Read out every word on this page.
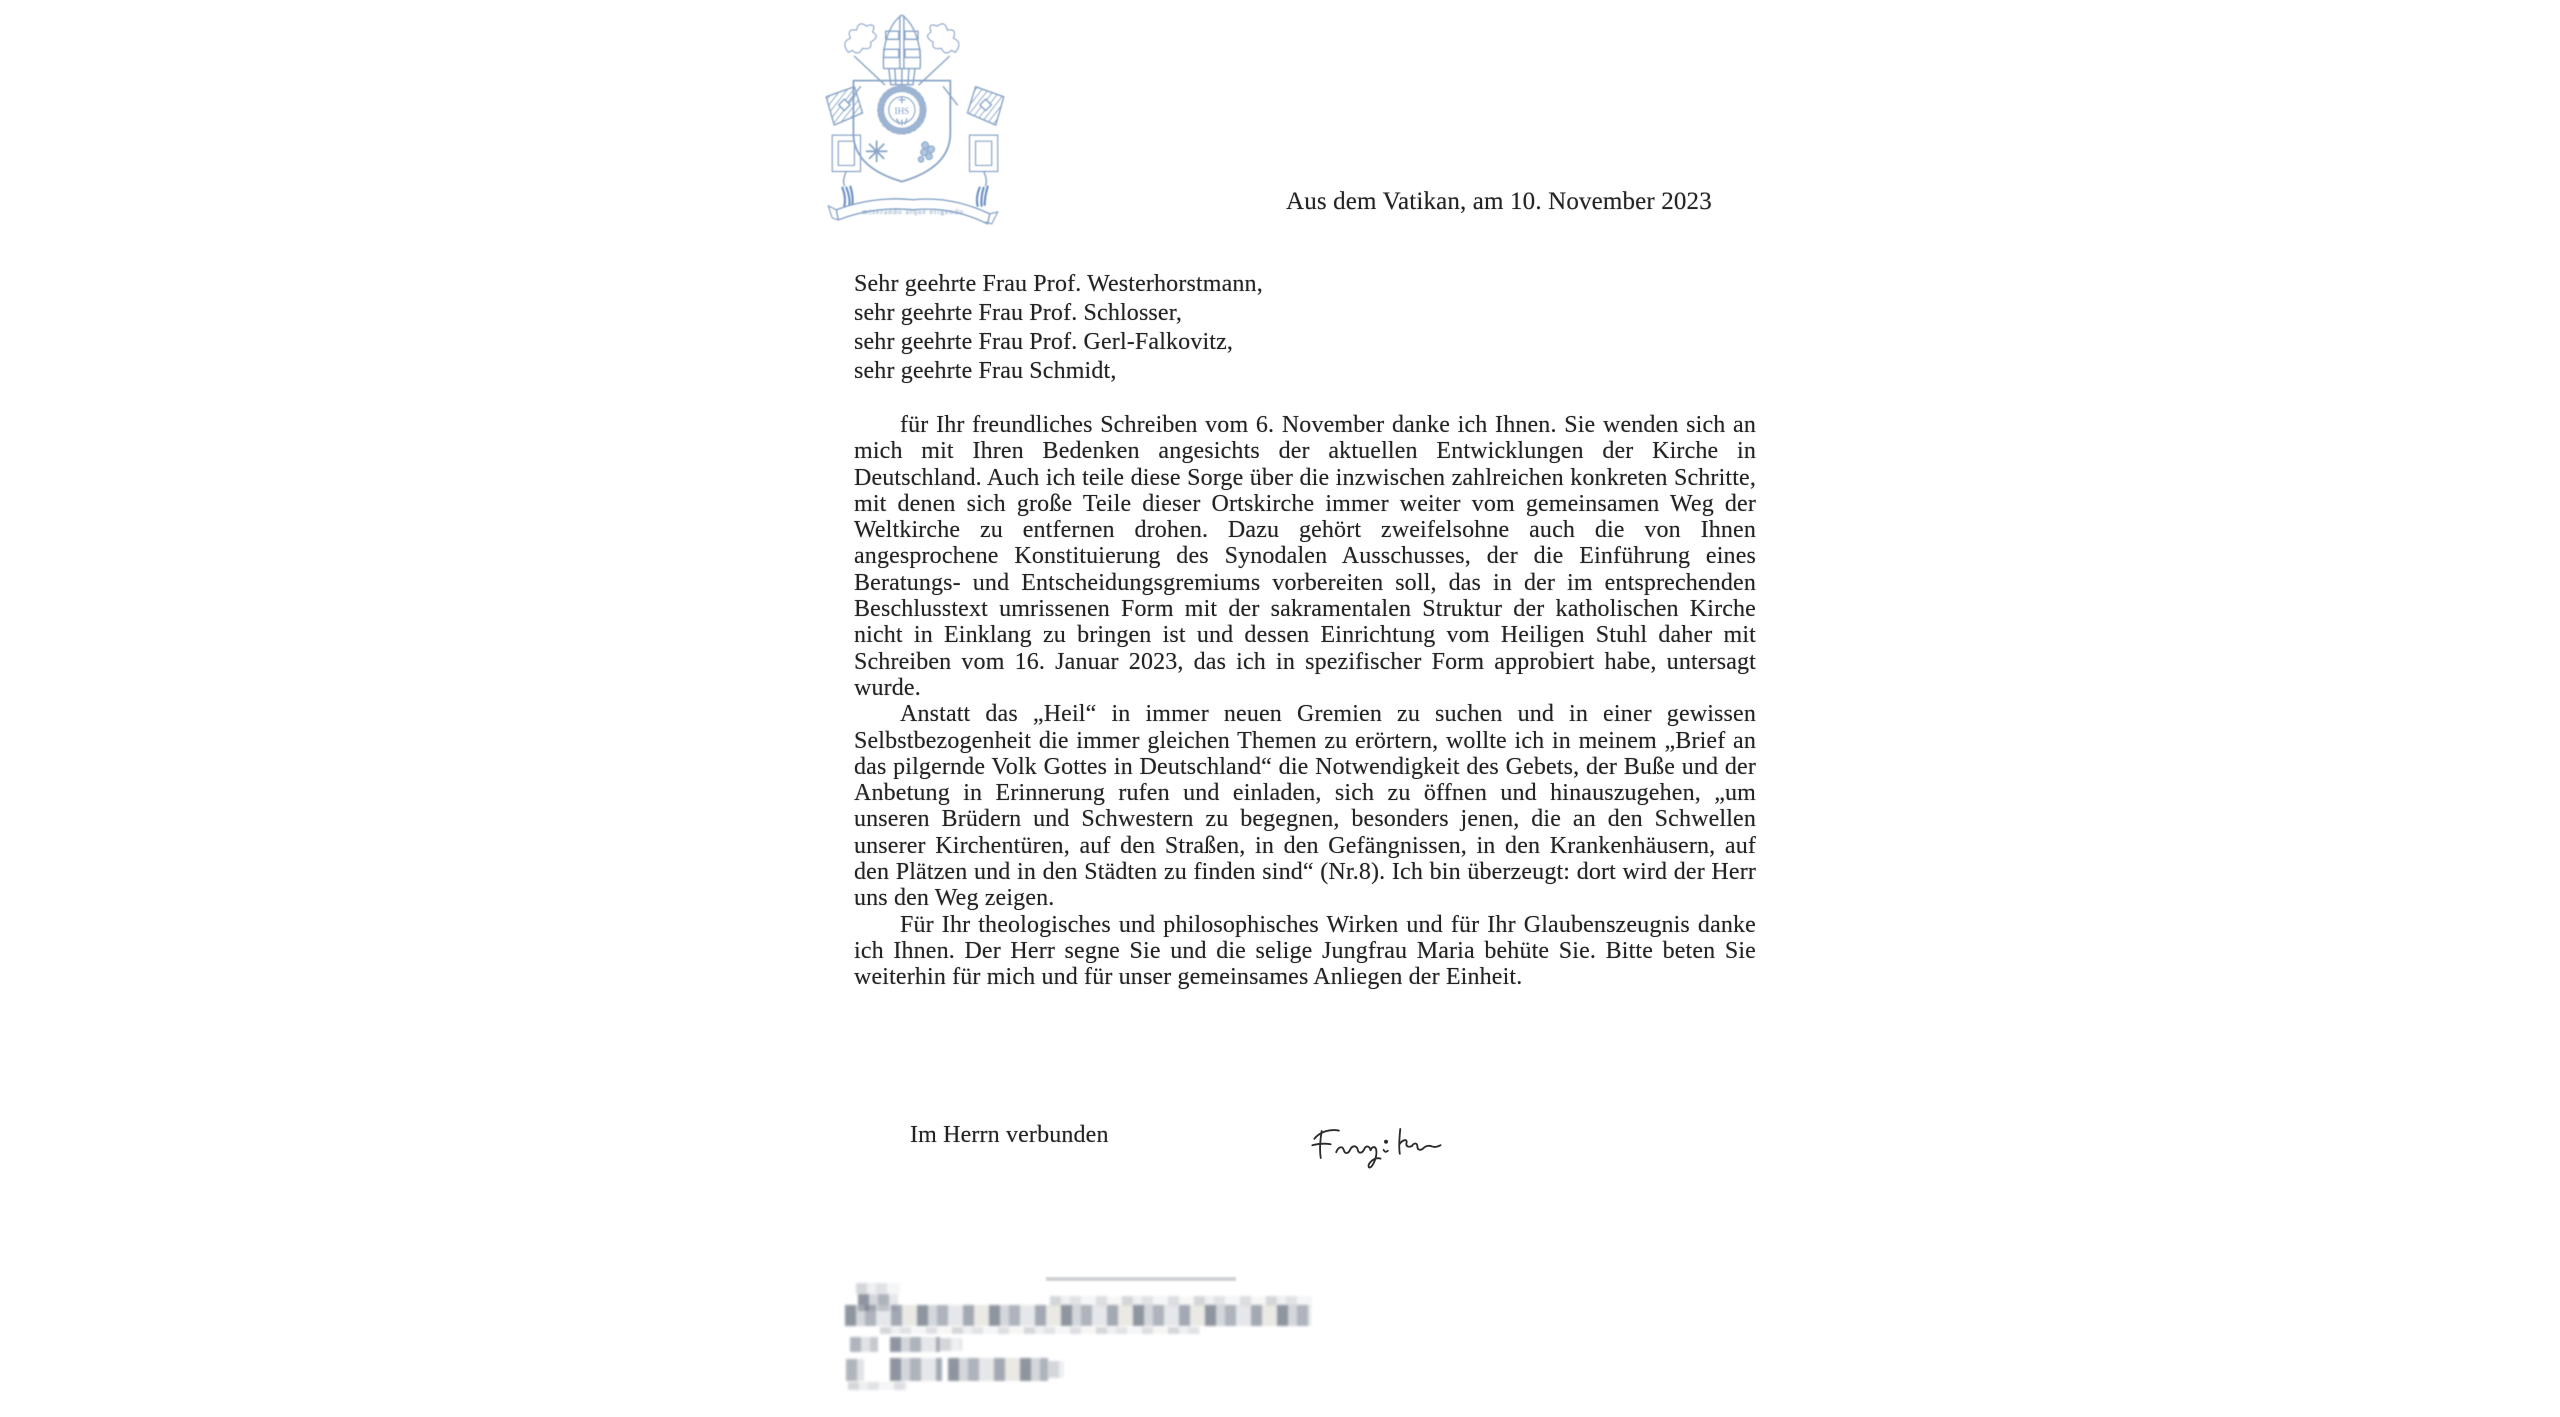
IHS
miserando atque eligendo	Aus dem Vatikan, am 10. November 2023
Sehr geehrte Frau Prof. Westerhorstmann,
sehr geehrte Frau Prof. Schlosser,
sehr geehrte Frau Prof. Gerl-Falkovitz,
sehr geehrte Frau Schmidt,

für Ihr freundliches Schreiben vom 6. November danke ich Ihnen. Sie wenden sich an mich mit Ihren Bedenken angesichts der aktuellen Entwicklungen der Kirche in Deutschland. Auch ich teile diese Sorge über die inzwischen zahlreichen konkreten Schritte, mit denen sich große Teile dieser Ortskirche immer weiter vom gemeinsamen Weg der Weltkirche zu entfernen drohen. Dazu gehört zweifelsohne auch die von Ihnen angesprochene Konstituierung des Synodalen Ausschusses, der die Einführung eines Beratungs- und Entscheidungsgremiums vorbereiten soll, das in der im entsprechenden Beschlusstext umrissenen Form mit der sakramentalen Struktur der katholischen Kirche nicht in Einklang zu bringen ist und dessen Einrichtung vom Heiligen Stuhl daher mit Schreiben vom 16. Januar 2023, das ich in spezifischer Form approbiert habe, untersagt wurde.

Anstatt das „Heil“ in immer neuen Gremien zu suchen und in einer gewissen Selbstbezogenheit die immer gleichen Themen zu erörtern, wollte ich in meinem „Brief an das pilgernde Volk Gottes in Deutschland“ die Notwendigkeit des Gebets, der Buße und der Anbetung in Erinnerung rufen und einladen, sich zu öffnen und hinauszugehen, „um unseren Brüdern und Schwestern zu begegnen, besonders jenen, die an den Schwellen unserer Kirchentüren, auf den Straßen, in den Gefängnissen, in den Krankenhäusern, auf den Plätzen und in den Städten zu finden sind“ (Nr.8). Ich bin überzeugt: dort wird der Herr uns den Weg zeigen.

Für Ihr theologisches und philosophisches Wirken und für Ihr Glaubenszeugnis danke ich Ihnen. Der Herr segne Sie und die selige Jungfrau Maria behüte Sie. Bitte beten Sie weiterhin für mich und für unser gemeinsames Anliegen der Einheit.

Im Herrn verbunden
